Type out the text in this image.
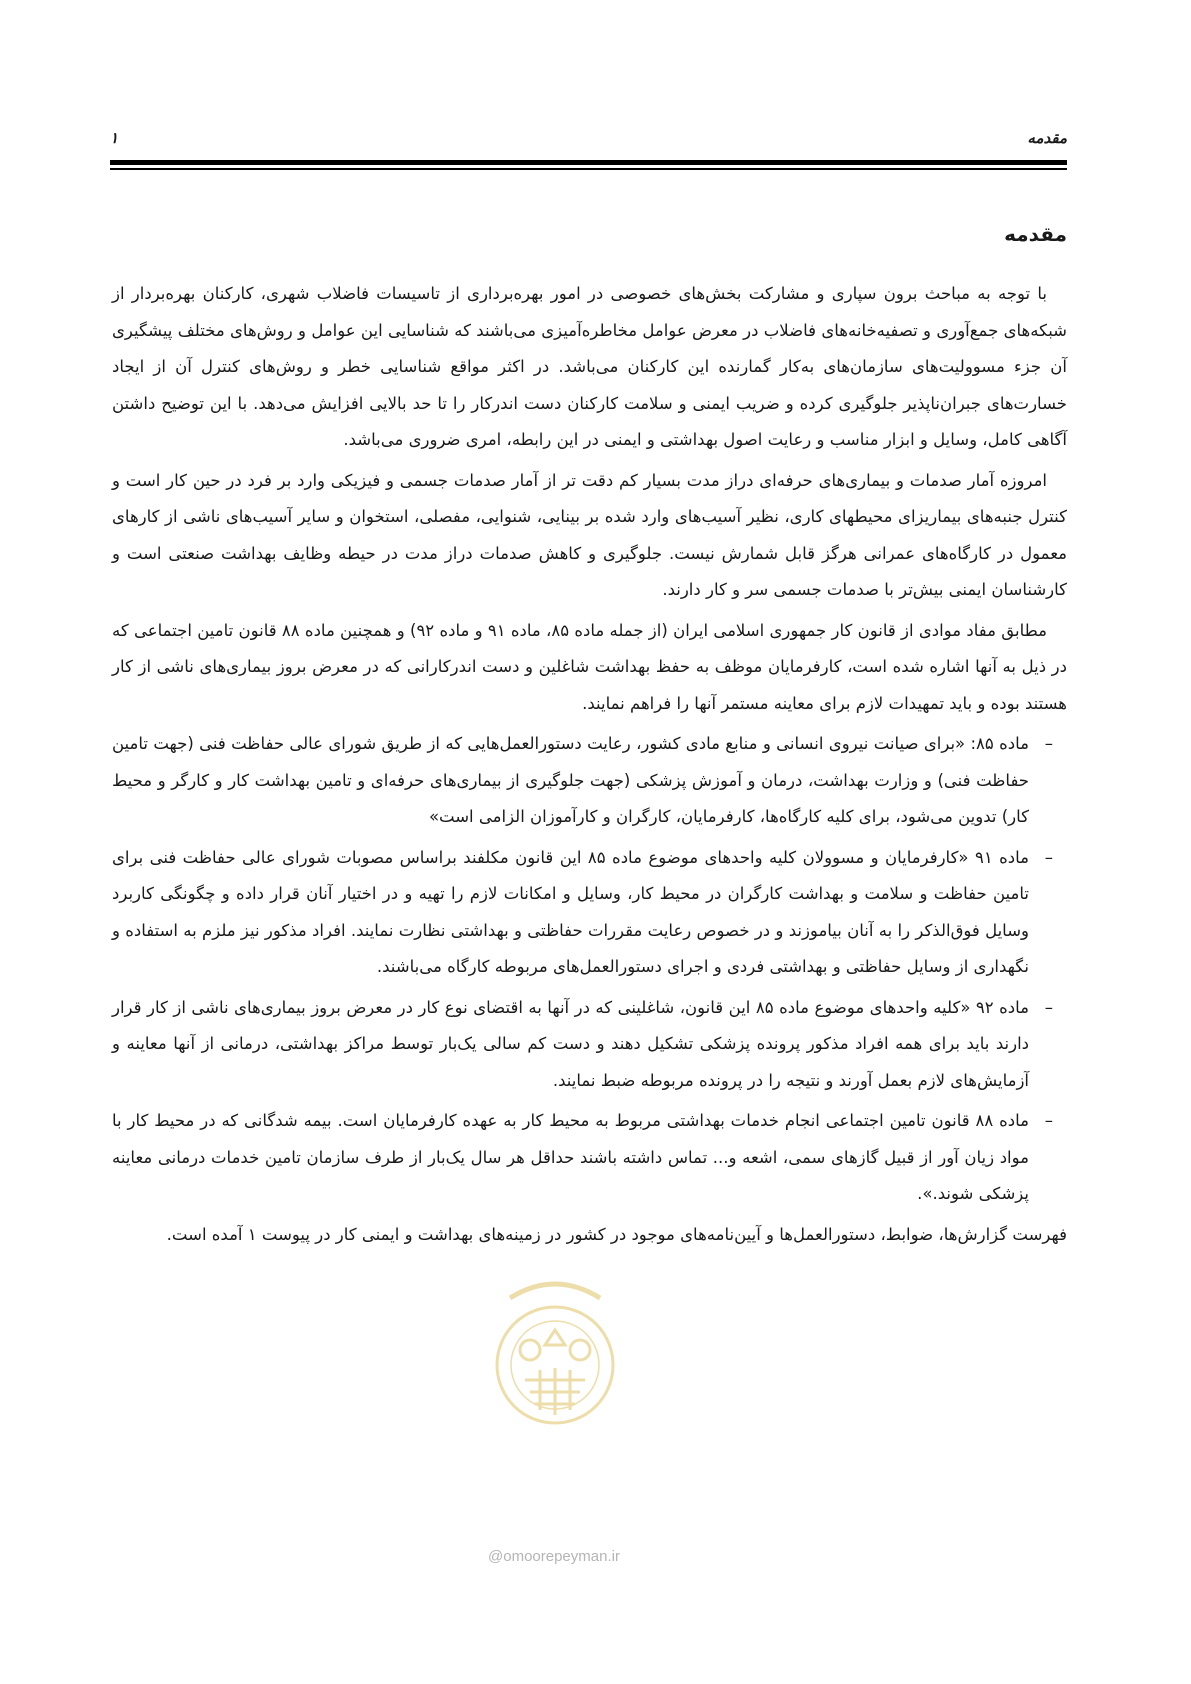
مقدمه
۱
مقدمه

با توجه به مباحث برون سپاری و مشارکت بخش‌های خصوصی در امور بهره‌برداری از تاسیسات فاضلاب شهری، کارکنان بهره‌بردار از شبکه‌های جمع‌آوری و تصفیه‌خانه‌های فاضلاب در معرض عوامل مخاطره‌آمیزی می‌باشند که شناسایی این عوامل و روش‌های مختلف پیشگیری آن جزء مسوولیت‌های سازمان‌های به‌کار گمارنده این کارکنان می‌باشد. در اکثر مواقع شناسایی خطر و روش‌های کنترل آن از ایجاد خسارت‌های جبران‌ناپذیر جلوگیری کرده و ضریب ایمنی و سلامت کارکنان دست اندرکار را تا حد بالایی افزایش می‌دهد. با این توضیح داشتن آگاهی کامل، وسایل و ابزار مناسب و رعایت اصول بهداشتی و ایمنی در این رابطه، امری ضروری می‌باشد.

امروزه آمار صدمات و بیماری‌های حرفه‌ای دراز مدت بسیار کم دقت تر از آمار صدمات جسمی و فیزیکی وارد بر فرد در حین کار است و کنترل جنبه‌های بیماریزای محیطهای کاری، نظیر آسیب‌های وارد شده بر بینایی، شنوایی، مفصلی، استخوان و سایر آسیب‌های ناشی از کارهای معمول در کارگاه‌های عمرانی هرگز قابل شمارش نیست. جلوگیری و کاهش صدمات دراز مدت در حیطه وظایف بهداشت صنعتی است و کارشناسان ایمنی بیش‌تر با صدمات جسمی سر و کار دارند.

مطابق مفاد موادی از قانون کار جمهوری اسلامی ایران (از جمله ماده ۸۵، ماده ۹۱ و ماده ۹۲) و همچنین ماده ۸۸ قانون تامین اجتماعی که در ذیل به آنها اشاره شده است، کارفرمایان موظف به حفظ بهداشت شاغلین و دست اندرکارانی که در معرض بروز بیماری‌های ناشی از کار هستند بوده و باید تمهیدات لازم برای معاینه مستمر آنها را فراهم نمایند.

–
ماده ۸۵: «برای صیانت نیروی انسانی و منابع مادی کشور، رعایت دستورالعمل‌هایی که از طریق شورای عالی حفاظت فنی (جهت تامین حفاظت فنی) و وزارت بهداشت، درمان و آموزش پزشکی (جهت جلوگیری از بیماری‌های حرفه‌ای و تامین بهداشت کار و کارگر و محیط کار) تدوین می‌شود، برای کلیه کارگاه‌ها، کارفرمایان، کارگران و کارآموزان الزامی است»
–
ماده ۹۱ «کارفرمایان و مسوولان کلیه واحدهای موضوع ماده ۸۵ این قانون مکلفند براساس مصوبات شورای عالی حفاظت فنی برای تامین حفاظت و سلامت و بهداشت کارگران در محیط کار، وسایل و امکانات لازم را تهیه و در اختیار آنان قرار داده و چگونگی کاربرد وسایل فوق‌الذکر را به آنان بیاموزند و در خصوص رعایت مقررات حفاظتی و بهداشتی نظارت نمایند. افراد مذکور نیز ملزم به استفاده و نگهداری از وسایل حفاظتی و بهداشتی فردی و اجرای دستورالعمل‌های مربوطه کارگاه می‌باشند.
–
ماده ۹۲ «کلیه واحدهای موضوع ماده ۸۵ این قانون، شاغلینی که در آنها به اقتضای نوع کار در معرض بروز بیماری‌های ناشی از کار قرار دارند باید برای همه افراد مذکور پرونده پزشکی تشکیل دهند و دست کم سالی یک‌بار توسط مراکز بهداشتی، درمانی از آنها معاینه و آزمایش‌های لازم بعمل آورند و نتیجه را در پرونده مربوطه ضبط نمایند.
–
ماده ۸۸ قانون تامین اجتماعی انجام خدمات بهداشتی مربوط به محیط کار به عهده کارفرمایان است. بیمه شدگانی که در محیط کار با مواد زیان آور از قبیل گازهای سمی، اشعه و... تماس داشته باشند حداقل هر سال یک‌بار از طرف سازمان تامین خدمات درمانی معاینه پزشکی شوند.».

فهرست گزارش‌ها، ضوابط، دستورالعمل‌ها و آیین‌نامه‌های موجود در کشور در زمینه‌های بهداشت و ایمنی کار در پیوست ۱ آمده است.

@omoorepeyman.ir
